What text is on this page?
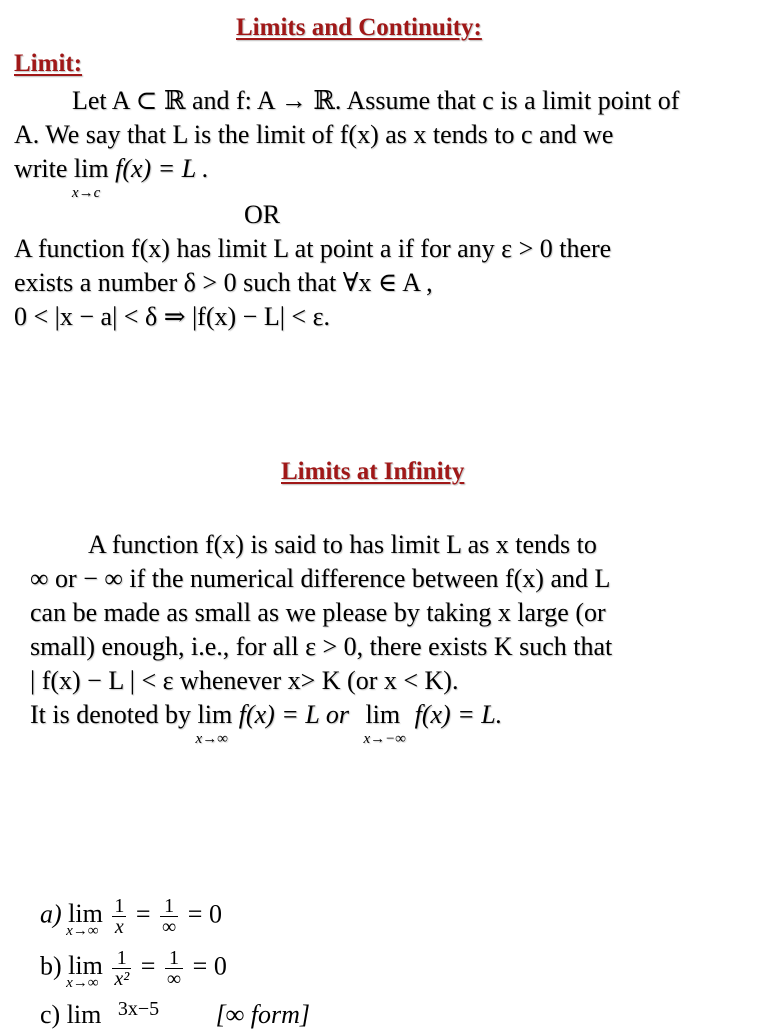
Limits and Continuity:
Limit:
Let A ⊂ ℝ and f: A → ℝ. Assume that c is a limit point of
A. We say that L is the limit of f(x) as x tends to c and we
write lim
x→c
f(x) = L .
OR
A function f(x) has limit L at point a if for any ε > 0 there
exists a number δ > 0 such that ∀x ∈ A ,
0 < |x − a| < δ ⇒ |f(x) − L| < ε.
Limits at Infinity
A function f(x) is said to has limit L as x tends to
∞ or − ∞ if the numerical difference between f(x) and L
can be made as small as we please by taking x large (or
small) enough, i.e., for all ε > 0, there exists K such that
| f(x) − L | < ε whenever x> K (or x < K).
It is denoted by lim
x→∞
f(x) = L or lim
x→−∞
f(x) = L.
a) lim
x→∞
$\frac{1}{x} = \frac{1}{\infty} = 0$
b) lim
x→∞
$\frac{1}{\text{x²}} = \frac{1}{\infty} = 0$
c) lim 3x−5 [∞ form]
